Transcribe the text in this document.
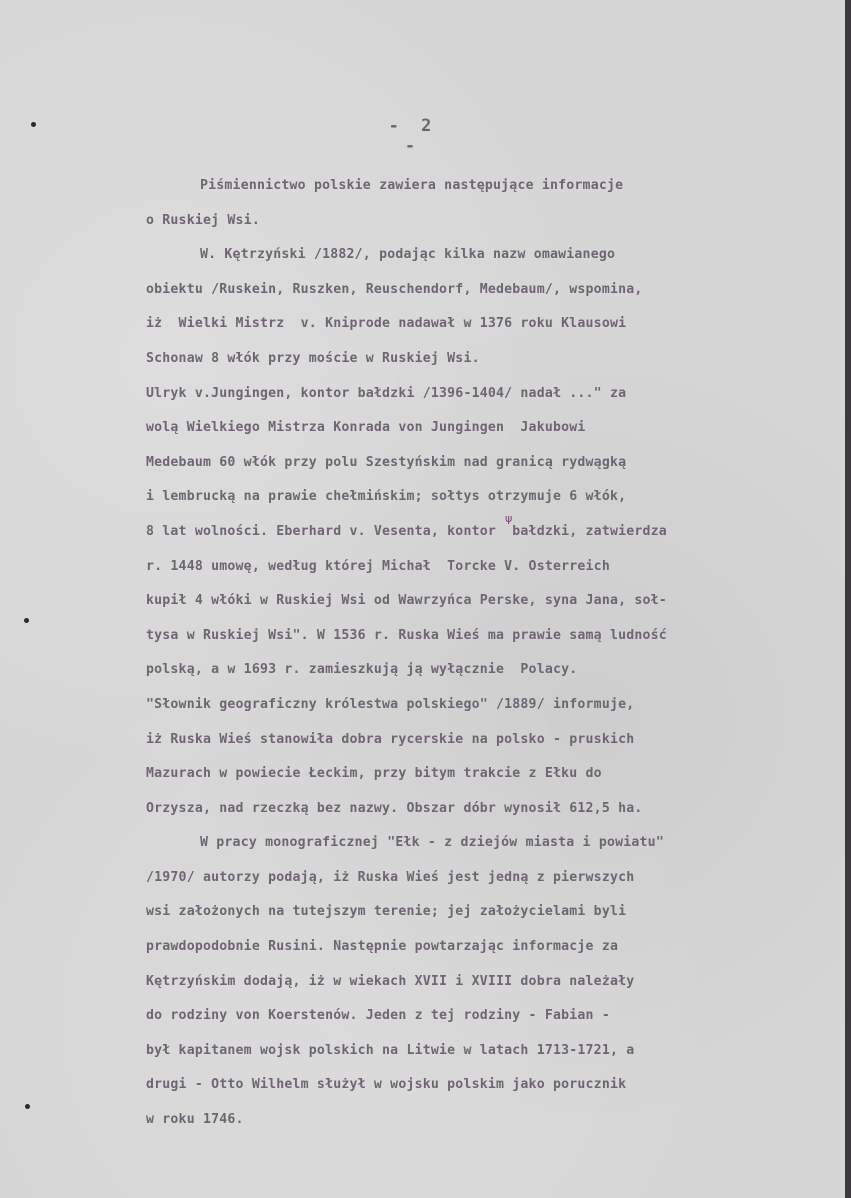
- 2 -
Piśmiennictwo polskie zawiera następujące informacje
o Ruskiej Wsi.
W. Kętrzyński /1882/, podając kilka nazw omawianego
obiektu /Ruskein, Ruszken, Reuschendorf, Medebaum/, wspomina,
iż  Wielki Mistrz  v. Kniprode nadawał w 1376 roku Klausowi
Schonaw 8 włók przy moście w Ruskiej Wsi.
Ulryk v.Jungingen, kontor bałdzki /1396-1404/ nadał ..." za
wolą Wielkiego Mistrza Konrada von Jungingen  Jakubowi
Medebaum 60 włók przy polu Szestyńskim nad granicą rydwągką
i lembrucką na prawie chełmińskim; sołtys otrzymuje 6 włók,
8 lat wolności. Eberhard v. Vesenta, kontor  bałdzki, zatwierdza
r. 1448 umowę, według której Michał  Torcke V. Osterreich
kupił 4 włóki w Ruskiej Wsi od Wawrzyńca Perske, syna Jana, soł-
tysa w Ruskiej Wsi". W 1536 r. Ruska Wieś ma prawie samą ludność
polską, a w 1693 r. zamieszkują ją wyłącznie  Polacy.
"Słownik geograficzny królestwa polskiego" /1889/ informuje,
iż Ruska Wieś stanowiła dobra rycerskie na polsko - pruskich
Mazurach w powiecie Łeckim, przy bitym trakcie z Ełku do
Orzysza, nad rzeczką bez nazwy. Obszar dóbr wynosił 612,5 ha.
W pracy monograficznej "Ełk - z dziejów miasta i powiatu"
/1970/ autorzy podają, iż Ruska Wieś jest jedną z pierwszych
wsi założonych na tutejszym terenie; jej założycielami byli
prawdopodobnie Rusini. Następnie powtarzając informacje za
Kętrzyńskim dodają, iż w wiekach XVII i XVIII dobra należały
do rodziny von Koerstenów. Jeden z tej rodziny - Fabian -
był kapitanem wojsk polskich na Litwie w latach 1713-1721, a
drugi - Otto Wilhelm służył w wojsku polskim jako porucznik
w roku 1746.
ψ
